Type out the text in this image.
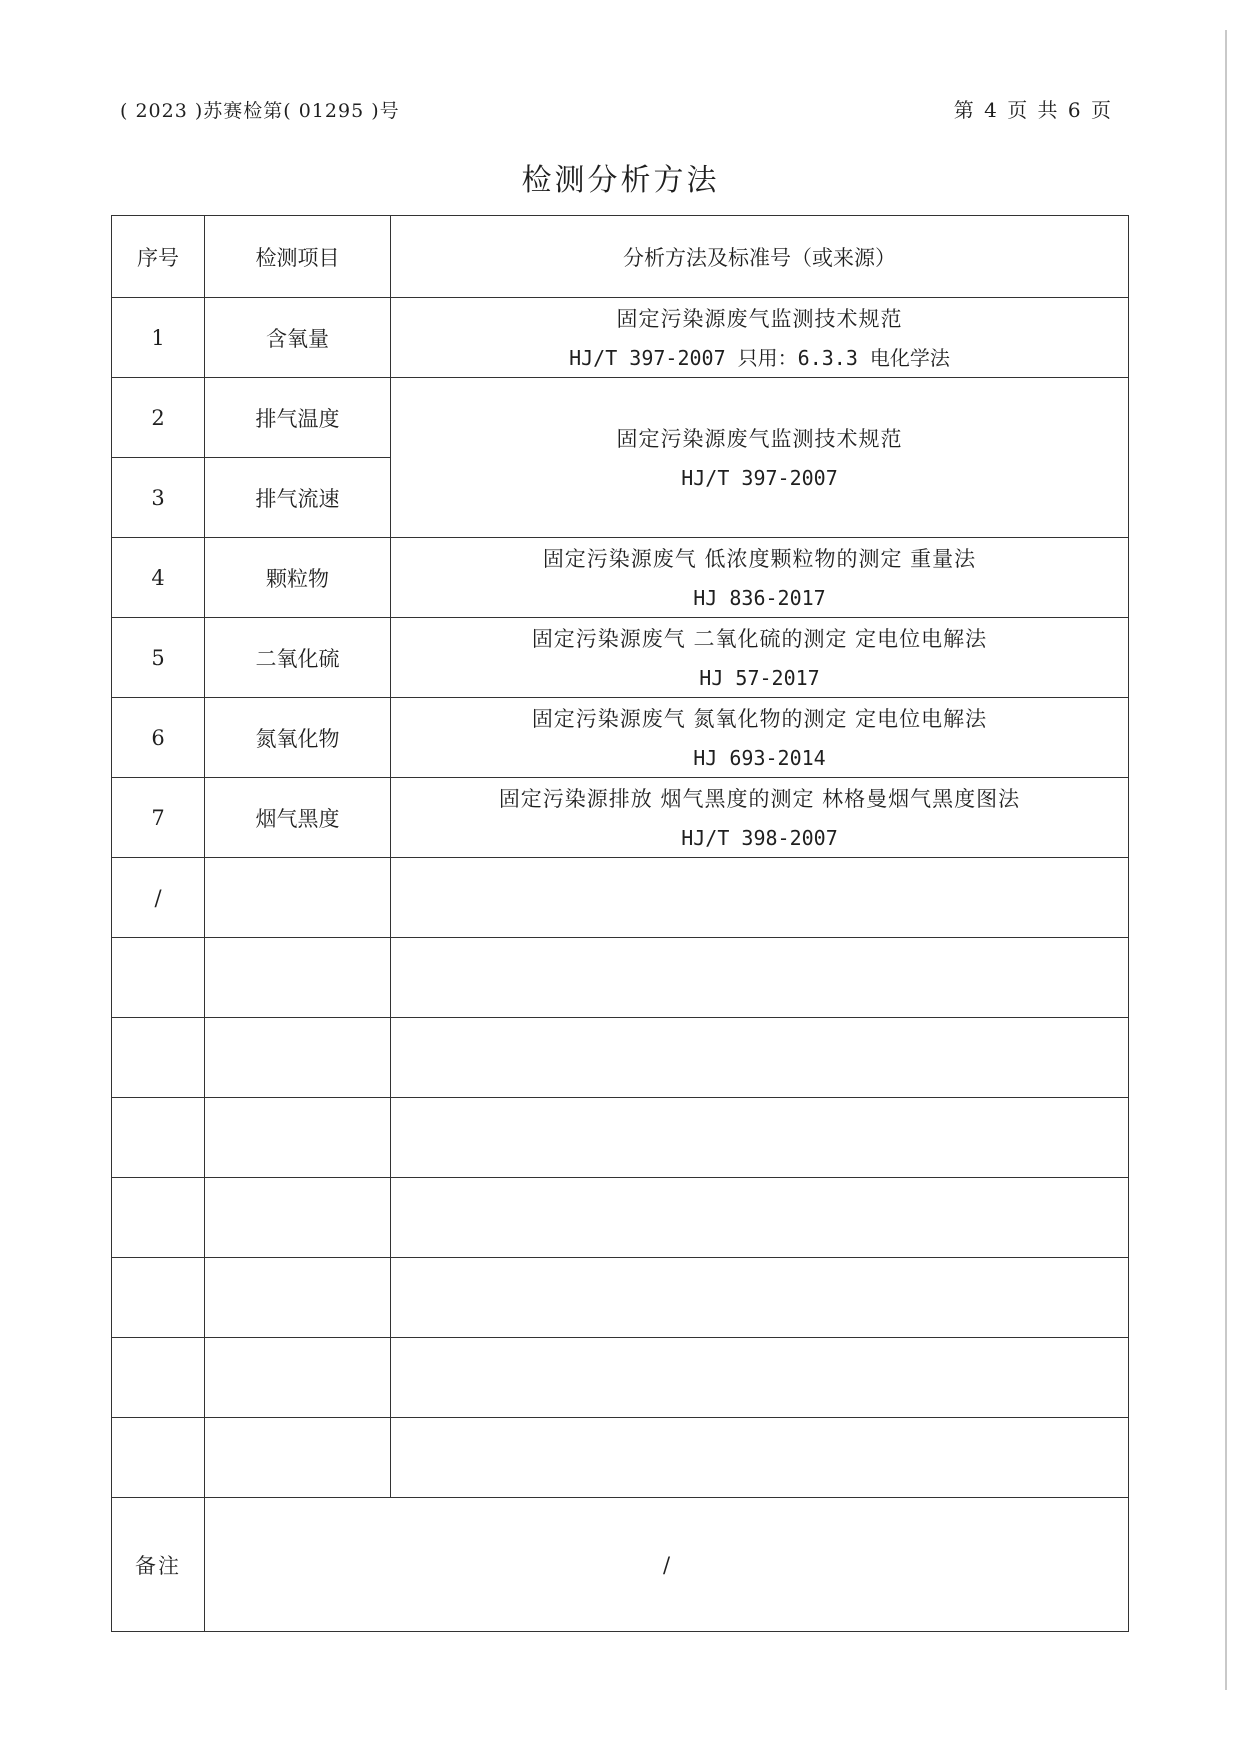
( 2023 )苏赛检第( 01295 )号	第 4 页 共 6 页
检测分析方法
序号	检测项目	分析方法及标准号（或来源）
1	含氧量	固定污染源废气监测技术规范
HJ/T 397-2007 只用：6.3.3 电化学法

2	排气温度	固定污染源废气监测技术规范
HJ/T 397-2007

3	排气流速	
4	颗粒物	固定污染源废气 低浓度颗粒物的测定 重量法
HJ 836-2017

5	二氧化硫	固定污染源废气 二氧化硫的测定 定电位电解法
HJ 57-2017

6	氮氧化物	固定污染源废气 氮氧化物的测定 定电位电解法
HJ 693-2014

7	烟气黑度	固定污染源排放 烟气黑度的测定 林格曼烟气黑度图法
HJ/T 398-2007

/		

备注	/	
